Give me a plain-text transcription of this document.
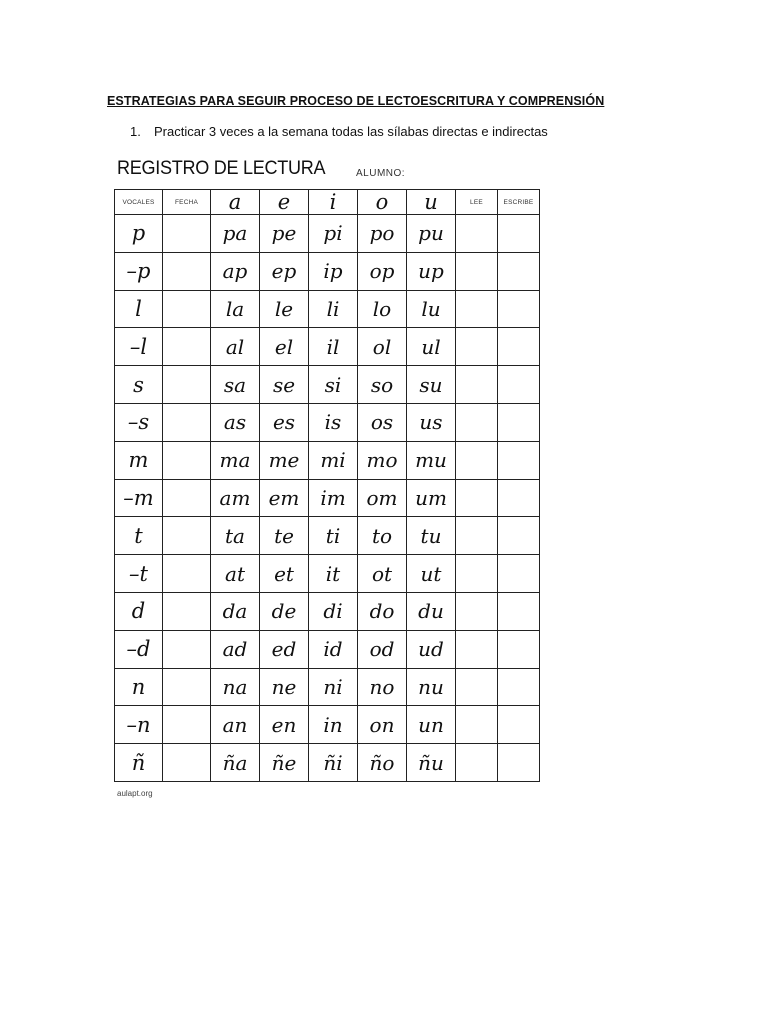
ESTRATEGIAS PARA SEGUIR PROCESO DE LECTOESCRITURA Y COMPRENSIÓN

1. Practicar 3 veces a la semana todas las sílabas directas e indirectas

REGISTRO DE LECTURA	ALUMNO:
VOCALES	FECHA	a	e	i	o	u	LEE	ESCRIBE
p		pa	pe	pi	po	pu		
–p		ap	ep	ip	op	up		
l		la	le	li	lo	lu		
–l		al	el	il	ol	ul		
s		sa	se	si	so	su		
–s		as	es	is	os	us		
m		ma	me	mi	mo	mu		
–m		am	em	im	om	um		
t		ta	te	ti	to	tu		
–t		at	et	it	ot	ut		
d		da	de	di	do	du		
–d		ad	ed	id	od	ud		
n		na	ne	ni	no	nu		
–n		an	en	in	on	un		
ñ		ña	ñe	ñi	ño	ñu		
aulapt.org
